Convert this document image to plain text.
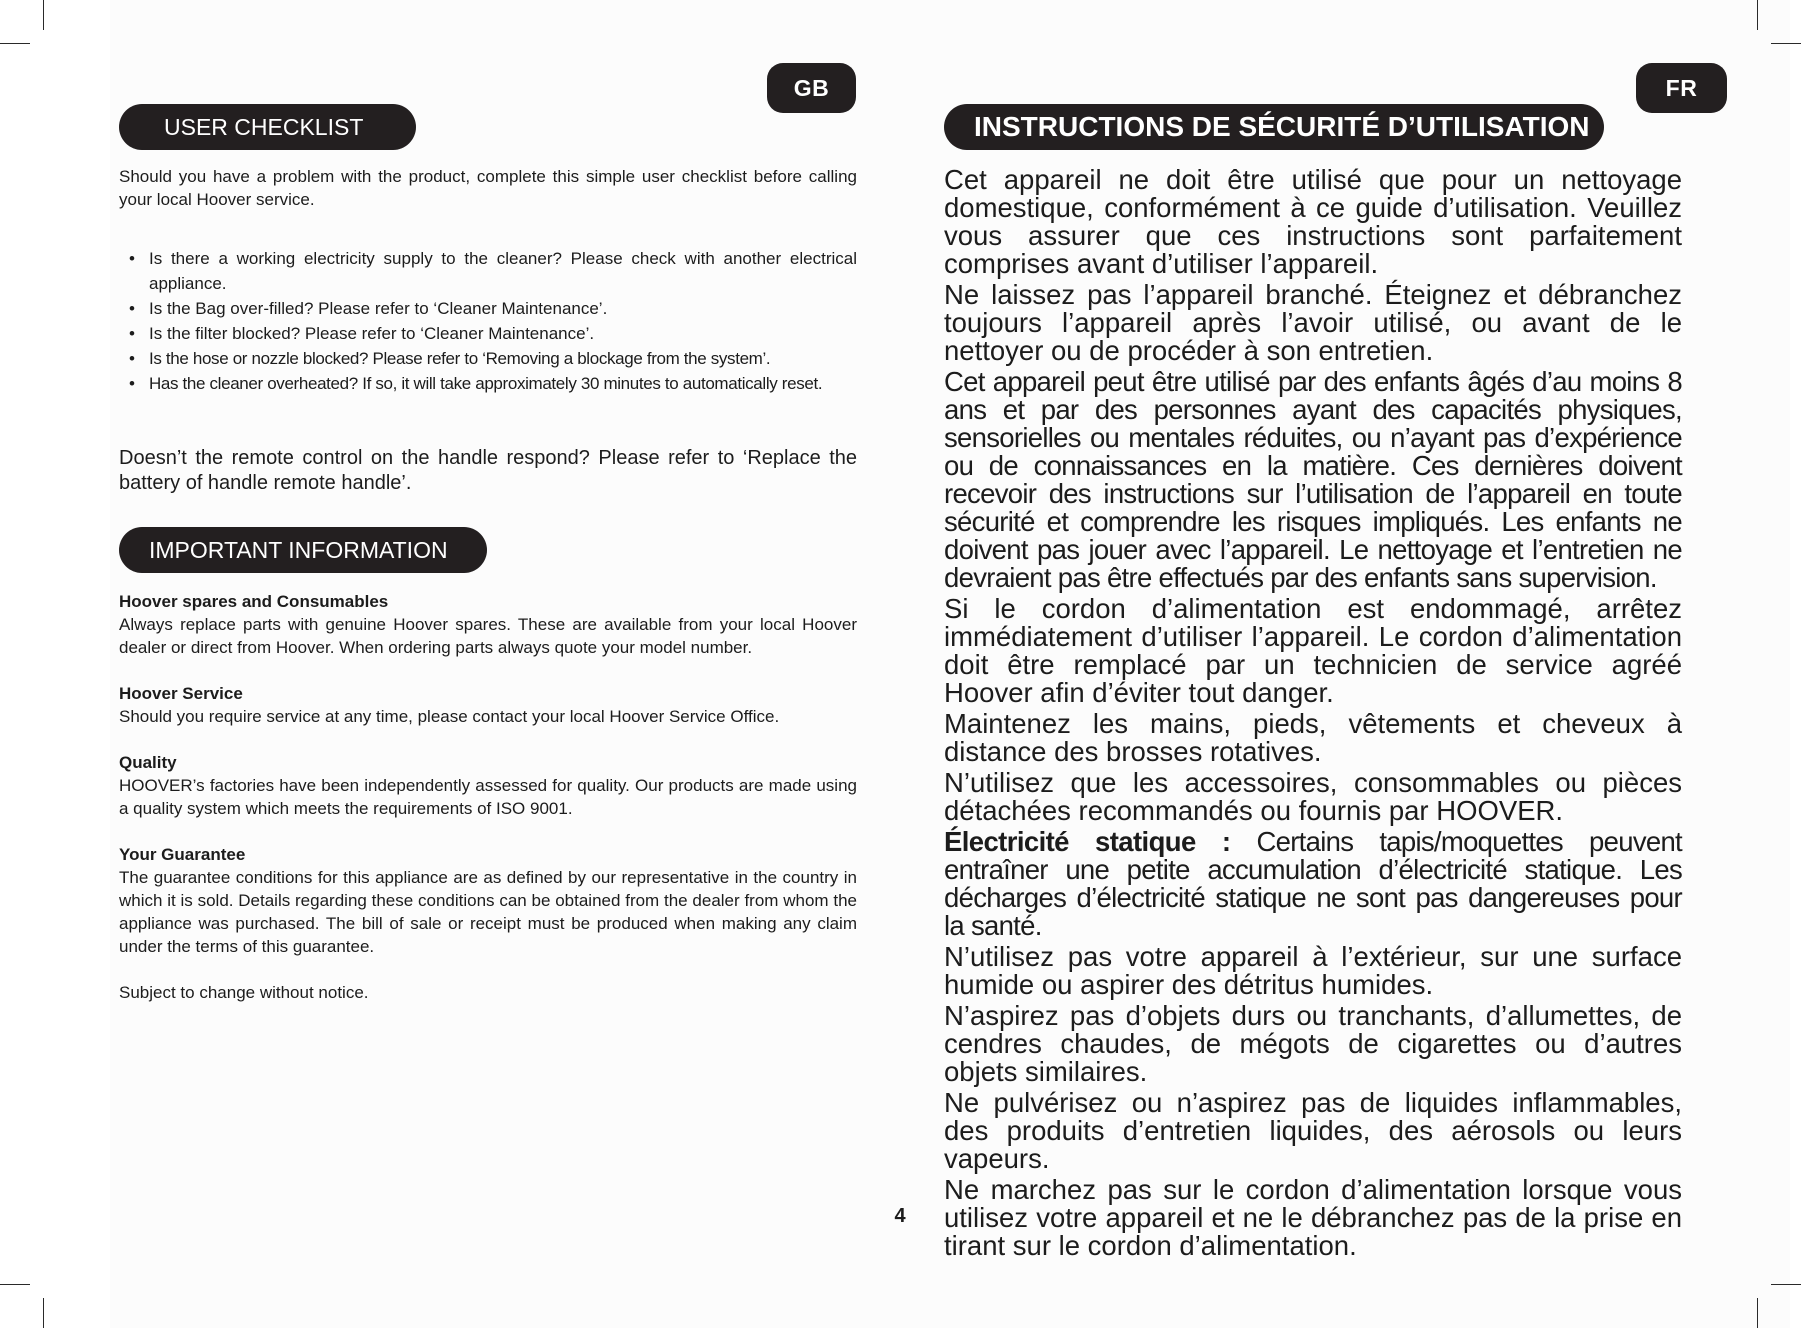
GB
USER CHECKLIST
Should you have a problem with the product, complete this simple user checklist before calling your local Hoover service.
• Is there a working electricity supply to the cleaner? Please check with another electrical appliance.
• Is the Bag over-filled? Please refer to ‘Cleaner Maintenance’.
• Is the filter blocked? Please refer to ‘Cleaner Maintenance’.
• Is the hose or nozzle blocked? Please refer to ‘Removing a blockage from the system’.
• Has the cleaner overheated? If so, it will take approximately 30 minutes to automatically reset.
Doesn’t the remote control on the handle respond? Please refer to ‘Replace the battery of handle remote handle’.
IMPORTANT INFORMATION
Hoover spares and Consumables
Always replace parts with genuine Hoover spares. These are available from your local Hoover dealer or direct from Hoover. When ordering parts always quote your model number.
Hoover Service
Should you require service at any time, please contact your local Hoover Service Office.
Quality
HOOVER’s factories have been independently assessed for quality. Our products are made using a quality system which meets the requirements of ISO 9001.
Your Guarantee
The guarantee conditions for this appliance are as defined by our representative in the country in which it is sold. Details regarding these conditions can be obtained from the dealer from whom the appliance was purchased. The bill of sale or receipt must be produced when making any claim under the terms of this guarantee.
Subject to change without notice.
FR
INSTRUCTIONS DE SÉCURITÉ D’UTILISATION

Cet appareil ne doit être utilisé que pour un nettoyage domestique, conformément à ce guide d’utilisation. Veuillez vous assurer que ces instructions sont parfaitement comprises avant d’utiliser l’appareil.

Ne laissez pas l’appareil branché. Éteignez et débranchez toujours l’appareil après l’avoir utilisé, ou avant de le nettoyer ou de procéder à son entretien.

Cet appareil peut être utilisé par des enfants âgés d’au moins 8 ans et par des personnes ayant des capacités physiques, sensorielles ou mentales réduites, ou n’ayant pas d’expérience ou de connaissances en la matière. Ces dernières doivent recevoir des instructions sur l’utilisation de l’appareil en toute sécurité et comprendre les risques impliqués. Les enfants ne doivent pas jouer avec l’appareil. Le nettoyage et l’entretien ne devraient pas être effectués par des enfants sans supervision.

Si le cordon d’alimentation est endommagé, arrêtez immédiatement d’utiliser l’appareil. Le cordon d’alimentation doit être remplacé par un technicien de service agréé Hoover afin d’éviter tout danger.

Maintenez les mains, pieds, vêtements et cheveux à distance des brosses rotatives.

N’utilisez que les accessoires, consommables ou pièces détachées recommandés ou fournis par HOOVER.

Électricité statique : Certains tapis/moquettes peuvent entraîner une petite accumulation d’électricité statique. Les décharges d’électricité statique ne sont pas dangereuses pour la santé.

N’utilisez pas votre appareil à l’extérieur, sur une surface humide ou aspirer des détritus humides.

N’aspirez pas d’objets durs ou tranchants, d’allumettes, de cendres chaudes, de mégots de cigarettes ou d’autres objets similaires.

Ne pulvérisez ou n’aspirez pas de liquides inflammables, des produits d’entretien liquides, des aérosols ou leurs vapeurs.

Ne marchez pas sur le cordon d’alimentation lorsque vous utilisez votre appareil et ne le débranchez pas de la prise en tirant sur le cordon d’alimentation.

4
